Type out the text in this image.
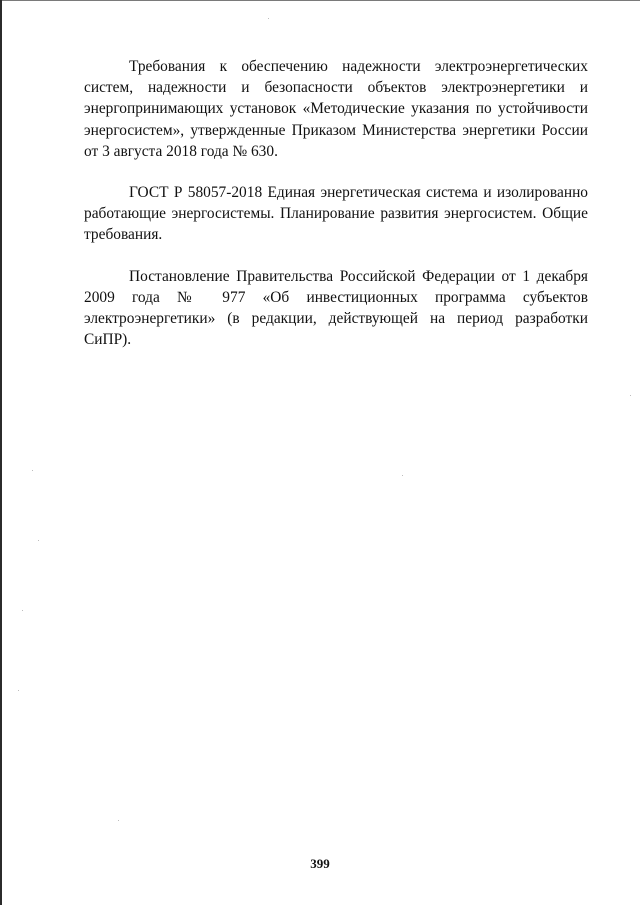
Требования к обеспечению надежности электроэнергетических систем, надежности и безопасности объектов электроэнергетики и энергопринимающих установок «Методические указания по устойчивости энергосистем», утвержденные Приказом Министерства энергетики России от 3 августа 2018 года № 630.

ГОСТ Р 58057-2018 Единая энергетическая система и изолированно работающие энергосистемы. Планирование развития энергосистем. Общие требования.

Постановление Правительства Российской Федерации от 1 декабря 2009 года № 977 «Об инвестиционных программа субъектов электроэнергетики» (в редакции, действующей на период разработки СиПР).

399
